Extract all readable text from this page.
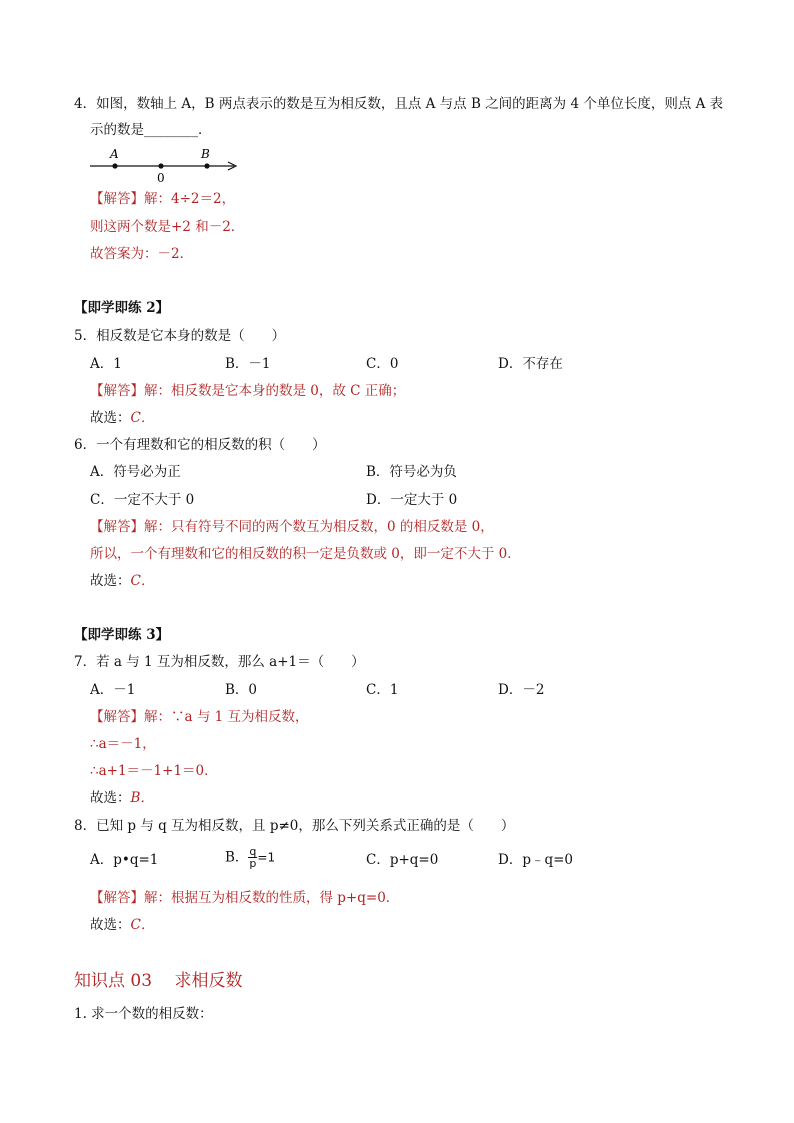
4．如图，数轴上 A，B 两点表示的数是互为相反数，且点 A 与点 B 之间的距离为 4 个单位长度，则点 A 表
示的数是________．
A
0
B
【解答】解：4÷2＝2，
则这两个数是+2 和－2．
故答案为：－2．
【即学即练 2】
5．相反数是它本身的数是（　　）
A．1	B．－1	C．0	D．不存在
【解答】解：相反数是它本身的数是 0，故 C 正确；
故选：C．
6．一个有理数和它的相反数的积（　　）
A．符号必为正	B．符号必为负
C．一定不大于 0	D．一定大于 0
【解答】解：只有符号不同的两个数互为相反数，0 的相反数是 0，
所以，一个有理数和它的相反数的积一定是负数或 0，即一定不大于 0．
故选：C．
【即学即练 3】
7．若 a 与 1 互为相反数，那么 a+1＝（　　）
A．－1	B．0	C．1	D．－2
【解答】解：∵a 与 1 互为相反数，
∴a＝－1，
∴a+1＝－1+1＝0．
故选：B．
8．已知 p 与 q 互为相反数，且 p≠0，那么下列关系式正确的是（　　）
A．p•q=1	B． $\frac{q}{p} =1$	C．p+q=0	D．p﹣q=0
【解答】解：根据互为相反数的性质，得 p+q=0．
故选：C．
知识点 03　 求相反数
1. 求一个数的相反数：
